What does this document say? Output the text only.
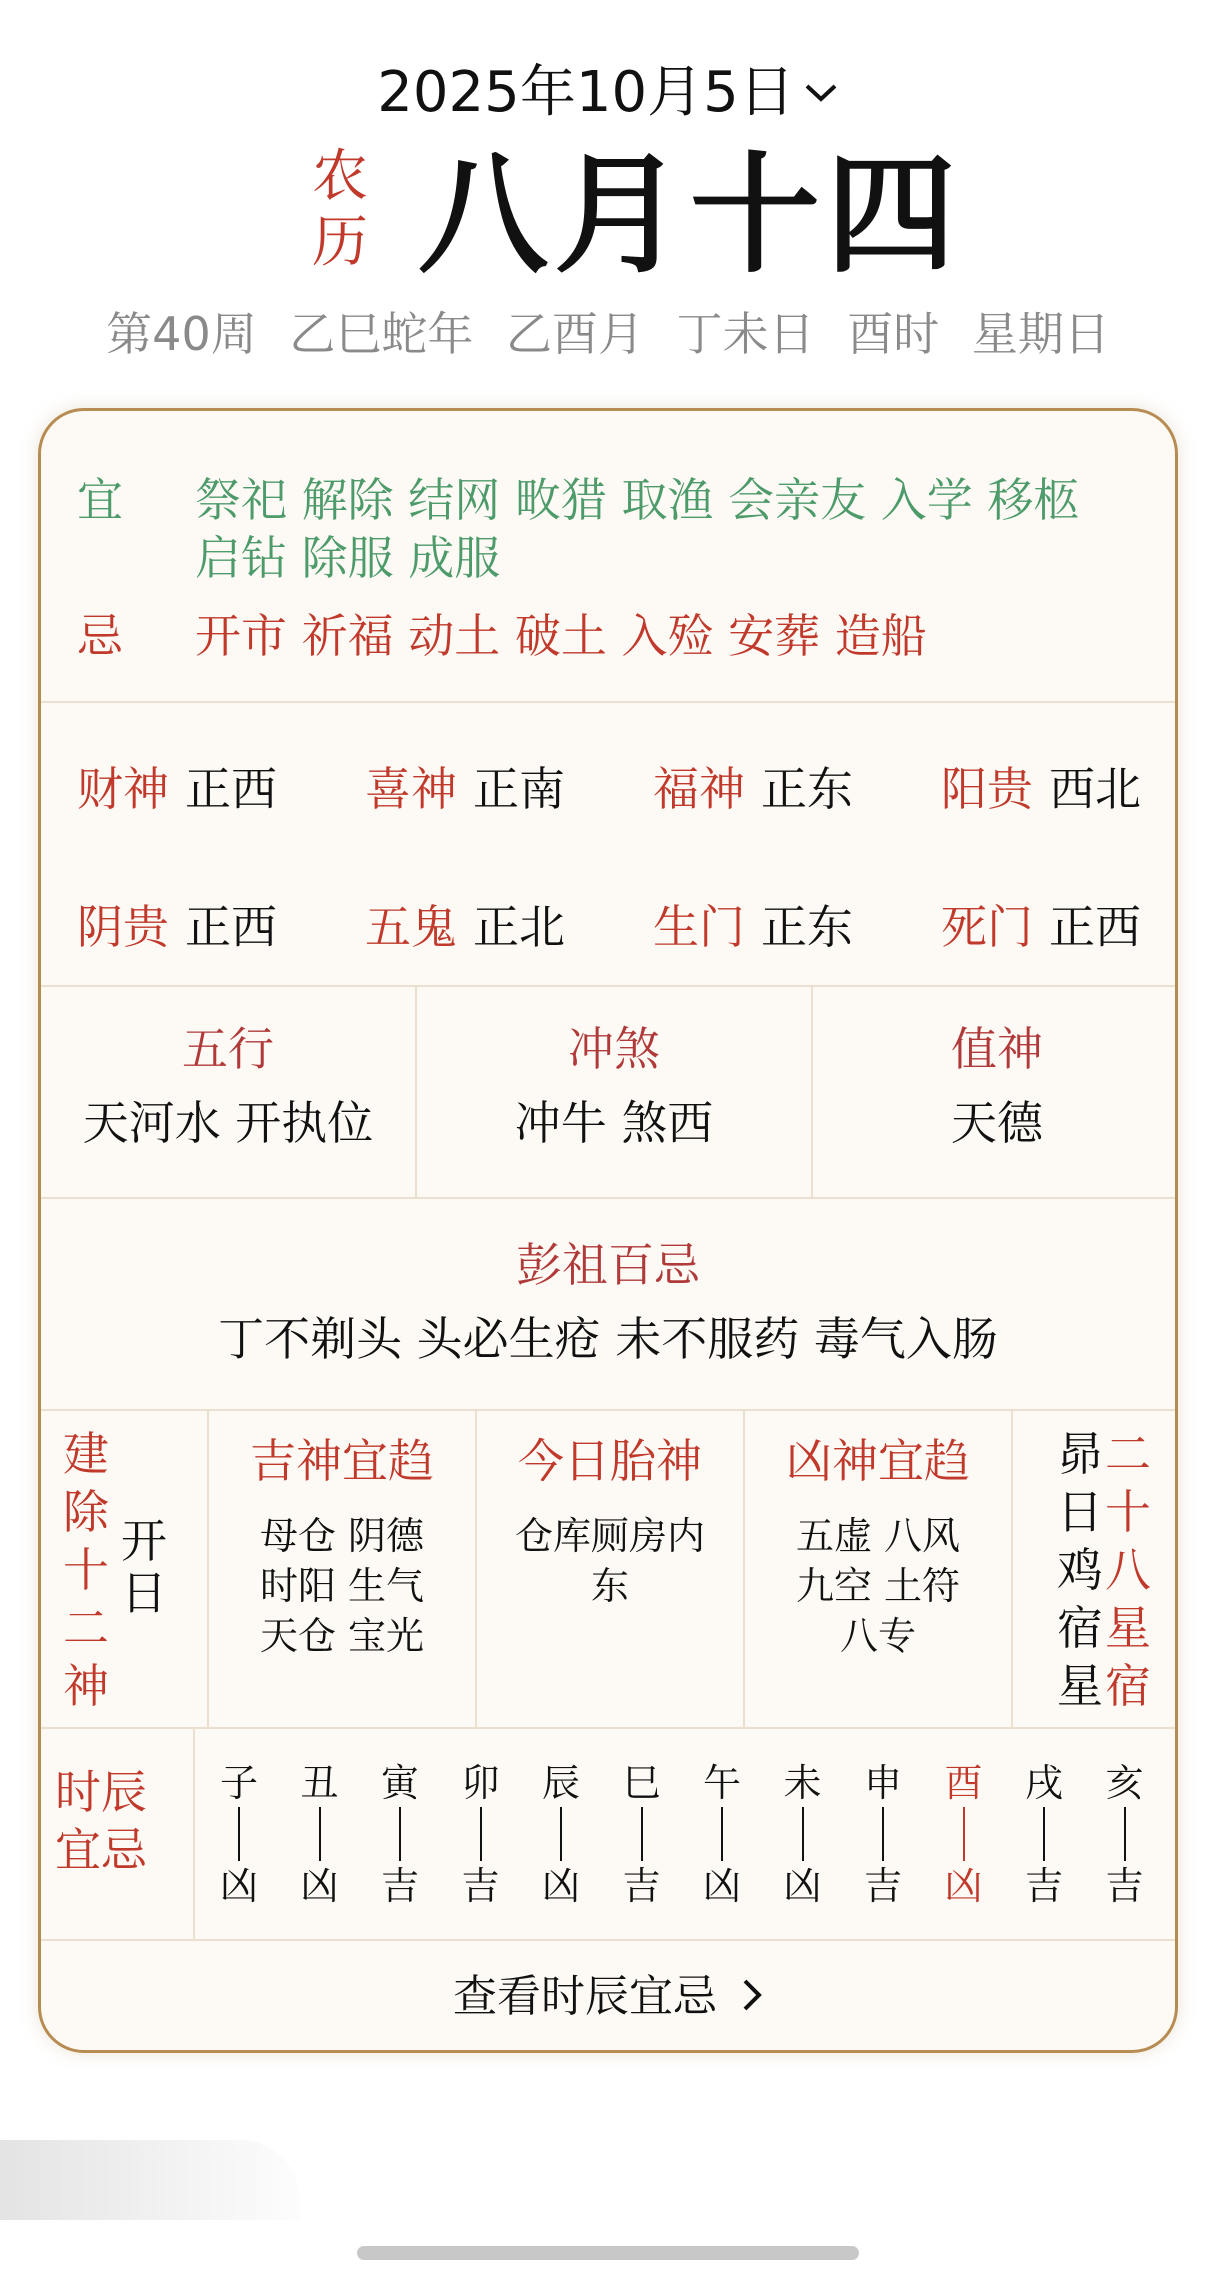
2025年10月5日
农
历 八月十四
第40周 乙巳蛇年 乙酉月 丁未日 酉时 星期日
宜	祭祀 解除 结网 畋猎 取渔 会亲友 入学 移柩
启钻 除服 成服
忌	开市 祈福 动土 破土 入殓 安葬 造船
财神 正西 喜神 正南 福神 正东 阳贵 西北
阴贵 正西 五鬼 正北 生门 正东 死门 正西
五行
天河水 开执位
冲煞
冲牛 煞西
值神
天德
彭祖百忌
丁不剃头 头必生疮 未不服药 毒气入肠
建
除
十
二
神
开
日
吉神宜趋
母仓 阴德
时阳 生气
天仓 宝光
今日胎神
仓库厕房内
东
凶神宜趋
五虚 八风
九空 土符
八专
昴
日
鸡
宿
星
二
十
八
星
宿
时辰
宜忌
子
凶
丑
凶
寅
吉
卯
吉
辰
凶
巳
吉
午
凶
未
凶
申
吉
酉
凶
戌
吉
亥
吉
查看时辰宜忌
